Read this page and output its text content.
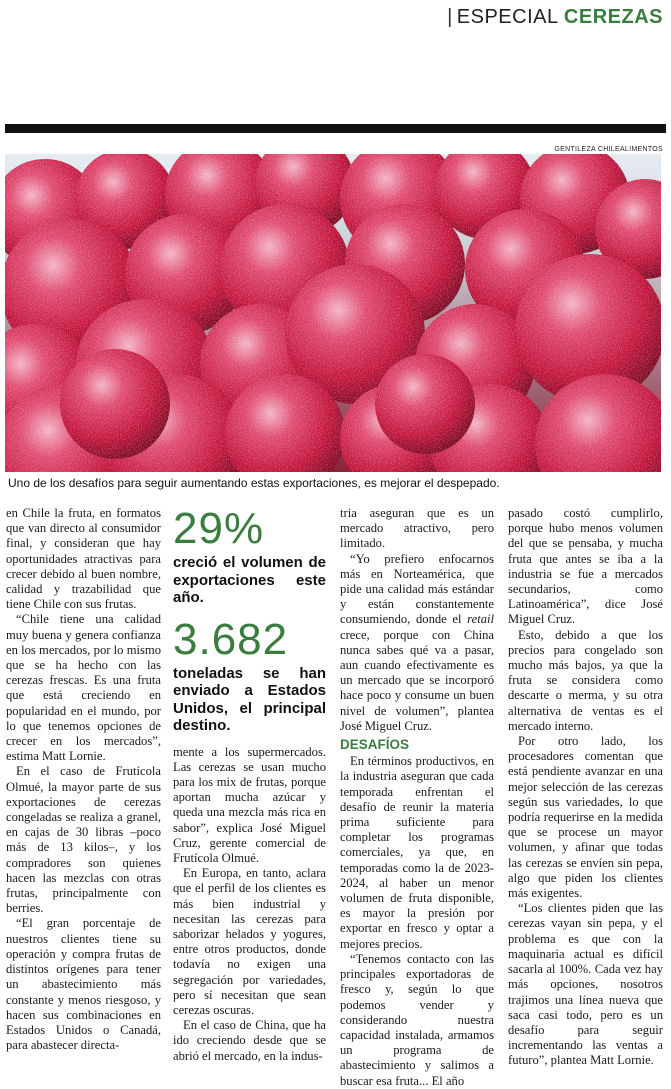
| ESPECIAL CEREZAS
GENTILEZA CHILEALIMENTOS
Uno de los desafíos para seguir aumentando estas exportaciones, es mejorar el despepado.

en Chile la fruta, en formatos que van directo al consumidor final, y consideran que hay oportunidades atractivas para crecer debido al buen nombre, calidad y trazabilidad que tiene Chile con sus frutas.

“Chile tiene una calidad muy buena y genera confianza en los mercados, por lo mismo que se ha hecho con las cerezas frescas. Es una fruta que está creciendo en popularidad en el mundo, por lo que tenemos opciones de crecer en los mercados”, estima Matt Lornie.

En el caso de Frutícola Olmué, la mayor parte de sus exportaciones de cerezas congeladas se realiza a granel, en cajas de 30 libras –poco más de 13 kilos–, y los compradores son quienes hacen las mezclas con otras frutas, principalmente con berries.

“El gran porcentaje de nuestros clientes tiene su operación y compra frutas de distintos orígenes para tener un abastecimiento más constante y menos riesgoso, y hacen sus combinaciones en Estados Unidos o Canadá, para abastecer directa-

29%
creció el volumen de exportaciones este año.
3.682
toneladas se han enviado a Estados Unidos, el principal destino.

mente a los supermercados. Las cerezas se usan mucho para los mix de frutas, porque aportan mucha azúcar y queda una mezcla más rica en sabor”, explica José Miguel Cruz, gerente comercial de Frutícola Olmué.

En Europa, en tanto, aclara que el perfil de los clientes es más bien industrial y necesitan las cerezas para saborizar helados y yogures, entre otros productos, donde todavía no exigen una segregación por variedades, pero sí necesitan que sean cerezas oscuras.

En el caso de China, que ha ido creciendo desde que se abrió el mercado, en la indus-

tria aseguran que es un mercado atractivo, pero limitado.

“Yo prefiero enfocarnos más en Norteamérica, que pide una calidad más estándar y están constantemente consumiendo, donde el retail crece, porque con China nunca sabes qué va a pasar, aun cuando efectivamente es un mercado que se incorporó hace poco y consume un buen nivel de volumen”, plantea José Miguel Cruz.

DESAFÍOS

En términos productivos, en la industria aseguran que cada temporada enfrentan el desafío de reunir la materia prima suficiente para completar los programas comerciales, ya que, en temporadas como la de 2023-2024, al haber un menor volumen de fruta disponible, es mayor la presión por exportar en fresco y optar a mejores precios.

“Tenemos contacto con las principales exportadoras de fresco y, según lo que podemos vender y considerando nuestra capacidad instalada, armamos un programa de abastecimiento y salimos a buscar esa fruta... El año

pasado costó cumplirlo, porque hubo menos volumen del que se pensaba, y mucha fruta que antes se iba a la industria se fue a mercados secundarios, como Latinoamérica”, dice José Miguel Cruz.

Esto, debido a que los precios para congelado son mucho más bajos, ya que la fruta se considera como descarte o merma, y su otra alternativa de ventas es el mercado interno.

Por otro lado, los procesadores comentan que está pendiente avanzar en una mejor selección de las cerezas según sus variedades, lo que podría requerirse en la medida que se procese un mayor volumen, y afinar que todas las cerezas se envíen sin pepa, algo que piden los clientes más exigentes.

“Los clientes piden que las cerezas vayan sin pepa, y el problema es que con la maquinaria actual es difícil sacarla al 100%. Cada vez hay más opciones, nosotros trajimos una línea nueva que saca casi todo, pero es un desafío para seguir incrementando las ventas a futuro”, plantea Matt Lornie.
